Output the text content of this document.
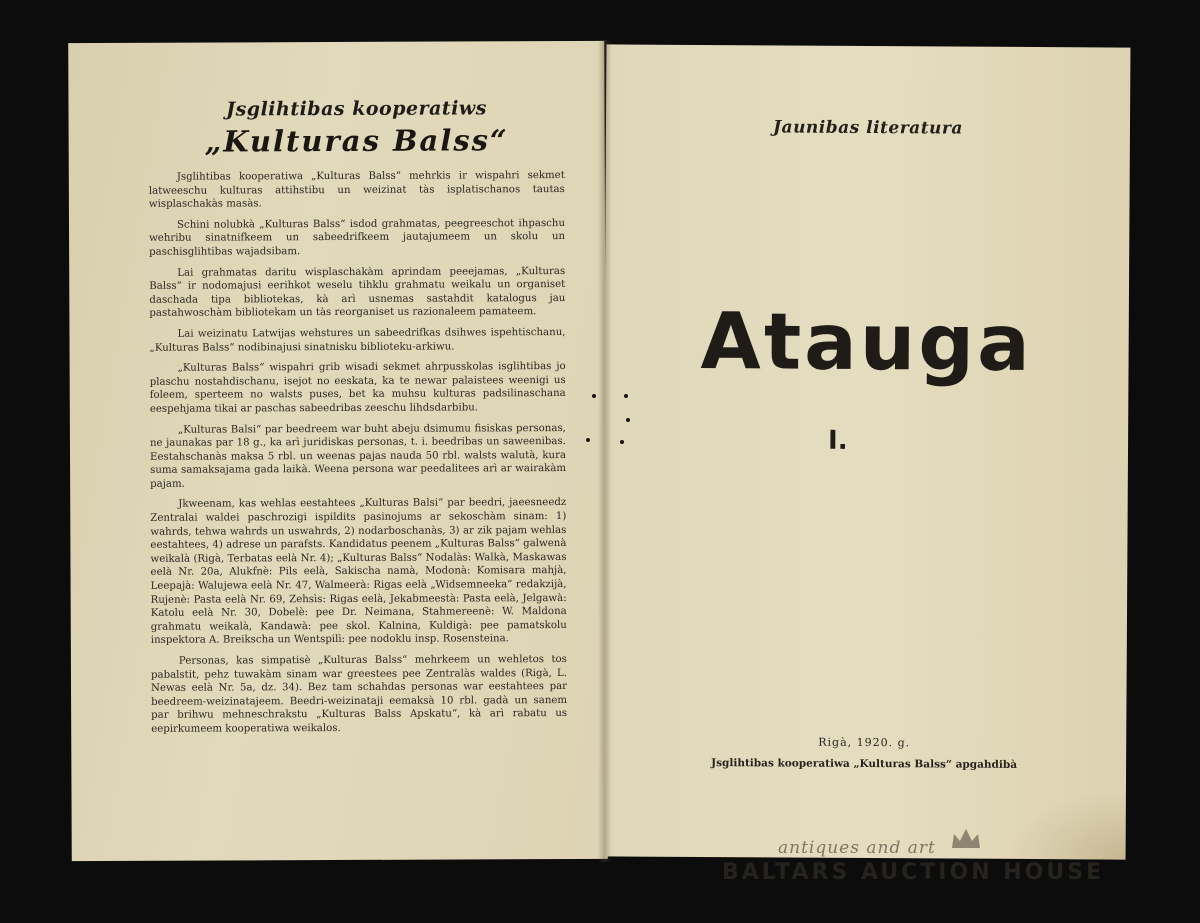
Jsglihtibas kooperatiws
„Kulturas Balss“

Jsglihtibas kooperatiwa „Kulturas Balss“ mehrkis ir wispahri sekmet latweeschu kulturas attihstibu un weizinat tàs isplatischanos tautas wisplaschakàs masàs.

Schini nolubkà „Kulturas Balss“ isdod grahmatas, peegreeschot ihpaschu wehribu sinatnifkeem un sabeedrifkeem jautajumeem un skolu un paschisglihtibas wajadsibam.

Lai grahmatas daritu wisplaschakàm aprindam peeejamas, „Kulturas Balss“ ir nodomajusi eerihkot weselu tihklu grahmatu weikalu un organiset daschada tipa bibliotekas, kà arì usnemas sastahdit katalogus jau pastahwoschàm bibliotekam un tàs reorganiset us razionaleem pamateem.

Lai weizinatu Latwijas wehstures un sabeedrifkas dsihwes ispehtischanu, „Kulturas Balss“ nodibinajusi sinatnisku biblioteku-arkiwu.

„Kulturas Balss“ wispahri grib wisadi sekmet ahrpusskolas isglihtibas jo plaschu nostahdischanu, isejot no eeskata, ka te newar palaistees weenigi us foleem, sperteem no walsts puses, bet ka muhsu kulturas padsilinaschana eespehjama tikai ar paschas sabeedribas zeeschu lihdsdarbibu.

„Kulturas Balsi“ par beedreem war buht abeju dsimumu fisiskas personas, ne jaunakas par 18 g., ka arì juridiskas personas, t. i. beedribas un saweenibas. Eestahschanàs maksa 5 rbl. un weenas pajas nauda 50 rbl. walsts walutà, kura suma samaksajama gada laikà. Weena persona war peedalitees arì ar wairakàm pajam.

Jkweenam, kas wehlas eestahtees „Kulturas Balsi“ par beedri, jaeesneedz Zentralai waldei paschrozigi ispildits pasinojums ar sekoschàm sinam: 1) wahrds, tehwa wahrds un uswahrds, 2) nodarboschanàs, 3) ar zik pajam wehlas eestahtees, 4) adrese un parafsts. Kandidatus peenem „Kulturas Balss“ galwenà weikalà (Rigà, Terbatas eelà Nr. 4); „Kulturas Balss“ Nodalàs: Walkà, Maskawas eelà Nr. 20a, Alukfnè: Pils eelà, Sakischa namà, Modonà: Komisara mahjà, Leepajà: Walujewa eelà Nr. 47, Walmeerà: Rigas eelà „Widsemneeka“ redakzijà, Rujenè: Pasta eelà Nr. 69, Zehsìs: Rigas eelà, Jekabmeestà: Pasta eelà, Jelgawà: Katolu eelà Nr. 30, Dobelè: pee Dr. Neimana, Stahmereenè: W. Maldona grahmatu weikalà, Kandawà: pee skol. Kalnina, Kuldigà: pee pamatskolu inspektora A. Breikscha un Wentspilì: pee nodoklu insp. Rosensteina.

Personas, kas simpatisè „Kulturas Balss“ mehrkeem un wehletos tos pabalstit, pehz tuwakàm sinam war greestees pee Zentralàs waldes (Rigà, L. Newas eelà Nr. 5a, dz. 34). Bez tam schahdas personas war eestahtees par beedreem-weizinatajeem. Beedri-weizinataji eemaksà 10 rbl. gadà un sanem par brihwu mehneschrakstu „Kulturas Balss Apskatu“, kà arì rabatu us eepirkumeem kooperatiwa weikalos.

Jaunibas literatura
Atauga
I.
Rigà, 1920. g.
Jsglihtibas kooperatiwa „Kulturas Balss“ apgahdibà
antiques and art
BALTARS AUCTION HOUSE
